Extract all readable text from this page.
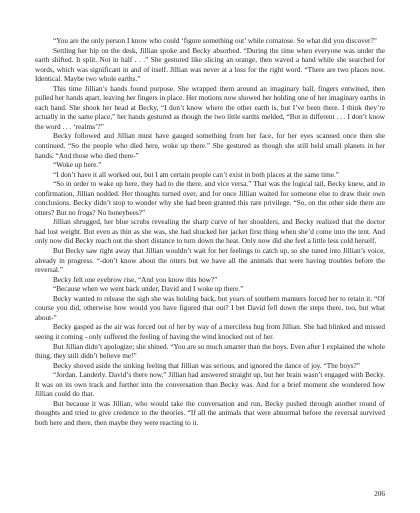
“You are the only person I know who could ‘figure something out’ while comatose. So what did you discover?”

Settling her hip on the desk, Jillian spoke and Becky absorbed. “During the time when everyone was under the earth shifted. It split. Not in half . . .” She gestured like slicing an orange, then waved a hand while she searched for words, which was significant in and of itself. Jillian was never at a loss for the right word. “There are two places now. Identical. Maybe two whole earths.”

This time Jillian’s hands found purpose. She wrapped them around an imaginary ball, fingers entwined, then pulled her hands apart, leaving her fingers in place. Her motions now showed her holding one of her imaginary earths in each hand. She shook her head at Becky, “I don’t know where the other earth is, but I’ve been there. I think they’re actually in the same place,” her hands gestured as though the two little earths melded, “But in different . . . I don’t know the word . . . ‘realms’?”

Becky followed and Jillian must have gauged something from her face, for her eyes scanned once then she continued. “So the people who died here, woke up there.” She gestured as though she still held small planets in her hands. “And those who died there-”

“Woke up here.”

“I don’t have it all worked out, but I am certain people can’t exist in both places at the same time.”

“So in order to wake up here, they had to die there, and vice versa.” That was the logical tail, Becky knew, and in confirmation, Jillian nodded. Her thoughts turned over, and for once Jillian waited for someone else to draw their own conclusions. Becky didn’t stop to wonder why she had been granted this rare privilege. “So, on the other side there are otters? But no frogs? No honeybees?”

Jillian shrugged, her blue scrubs revealing the sharp curve of her shoulders, and Becky realized that the doctor had lost weight. But even as thin as she was, she had shucked her jacket first thing when she’d come into the tent. And only now did Becky reach out the short distance to turn down the heat. Only now did she feel a little less cold herself.

But Becky saw right away that Jillian wouldn’t wait for her feelings to catch up, so she tuned into Jillian’s voice, already in progress. “-don’t know about the otters but we have all the animals that were having troubles before the reversal.”

Becky felt one eyebrow rise, “And you know this how?”

“Because when we went back under, David and I woke up there.”

Becky wanted to release the sigh she was holding back, but years of southern manners forced her to retain it. “Of course you did, otherwise how would you have figured that out? I bet David fell down the steps there, too, but what about-”

Becky gasped as the air was forced out of her by way of a merciless hug from Jillian. She had blinked and missed seeing it coming - only suffered the feeling of having the wind knocked out of her.

But Jillian didn’t apologize; she shined. “You are so much smarter than the boys. Even after I explained the whole thing, they still didn’t believe me!”

Becky shoved aside the sinking feeling that Jillian was serious, and ignored the dance of joy. “The boys?”

“Jordan. Landerly. David’s there now.” Jillian had answered straight up, but her brain wasn’t engaged with Becky. It was on its own track and further into the conversation than Becky was. And for a brief moment she wondered how Jillian could do that.

But because it was Jillian, who would take the conversation and run, Becky pushed through another round of thoughts and tried to give credence to the theories. “If all the animals that were abnormal before the reversal survived both here and there, then maybe they were reacting to it.

206
